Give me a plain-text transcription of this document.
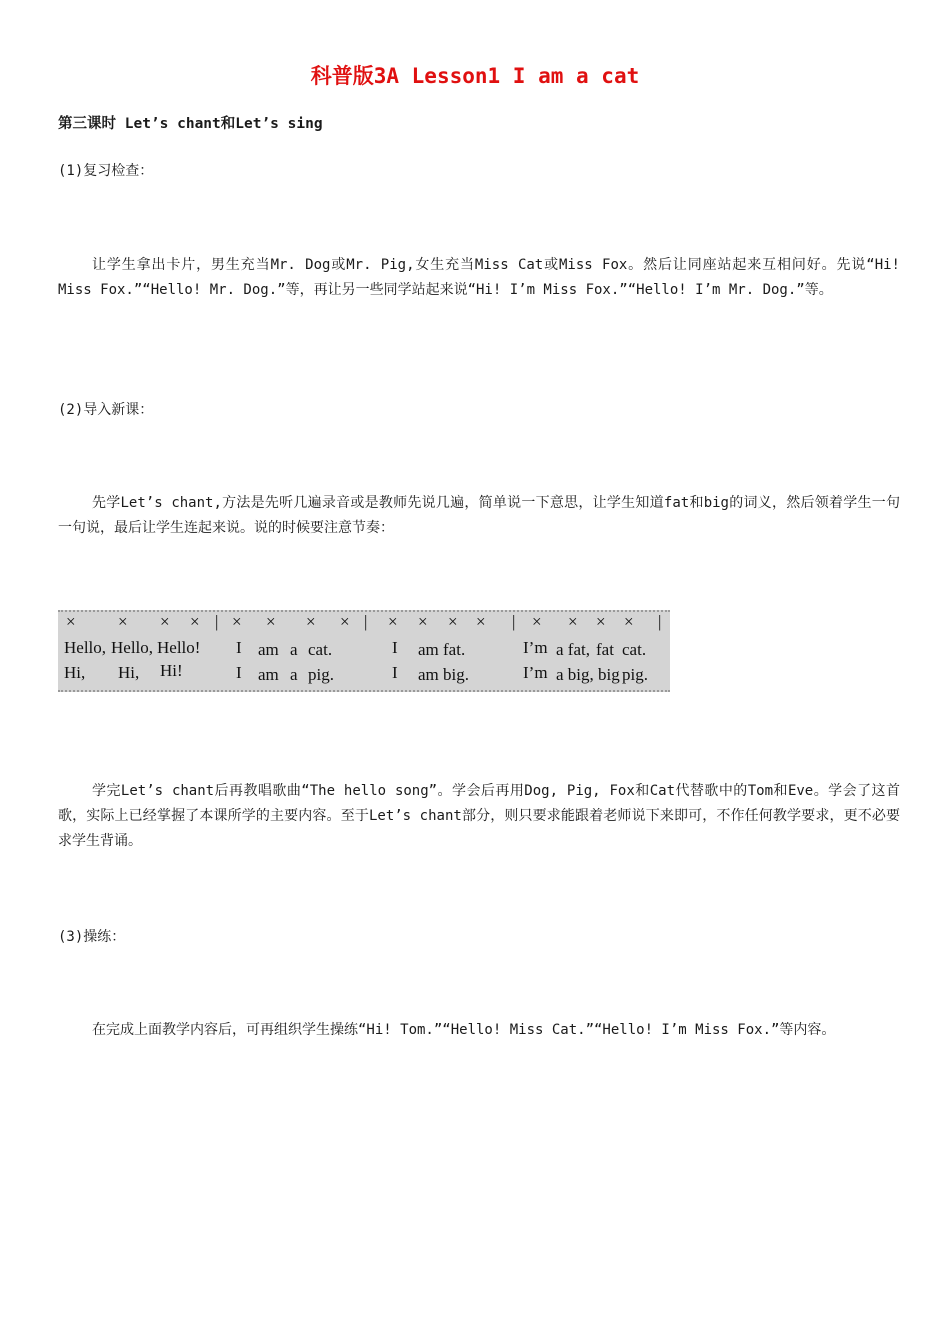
科普版3A Lesson1 I am a cat
第三课时 Let’s chant和Let’s sing
(1)复习检查：
让学生拿出卡片，男生充当Mr. Dog或Mr. Pig,女生充当Miss Cat或Miss Fox。然后让同座站起来互相问好。先说“Hi! Miss Fox.”“Hello! Mr. Dog.”等，再让另一些同学站起来说“Hi! I’m Miss Fox.”“Hello! I’m Mr. Dog.”等。
(2)导入新课：
先学Let’s chant,方法是先听几遍录音或是教师先说几遍，简单说一下意思，让学生知道fat和big的词义，然后领着学生一句一句说，最后让学生连起来说。说的时候要注意节奏：
× × × × | × × × × | × × × × | × × × × |
Hello, Hello, Hello! I am a cat.	I am fat.	I’m a fat, fat cat.
Hi, Hi, Hi!	I am a pig.	I am big.	I’m a big, big pig.
学完Let’s chant后再教唱歌曲“The hello song”。学会后再用Dog, Pig, Fox和Cat代替歌中的Tom和Eve。学会了这首歌，实际上已经掌握了本课所学的主要内容。至于Let’s chant部分，则只要求能跟着老师说下来即可，不作任何教学要求，更不必要求学生背诵。
(3)操练：
在完成上面教学内容后，可再组织学生操练“Hi! Tom.”“Hello! Miss Cat.”“Hello! I’m Miss Fox.”等内容。
